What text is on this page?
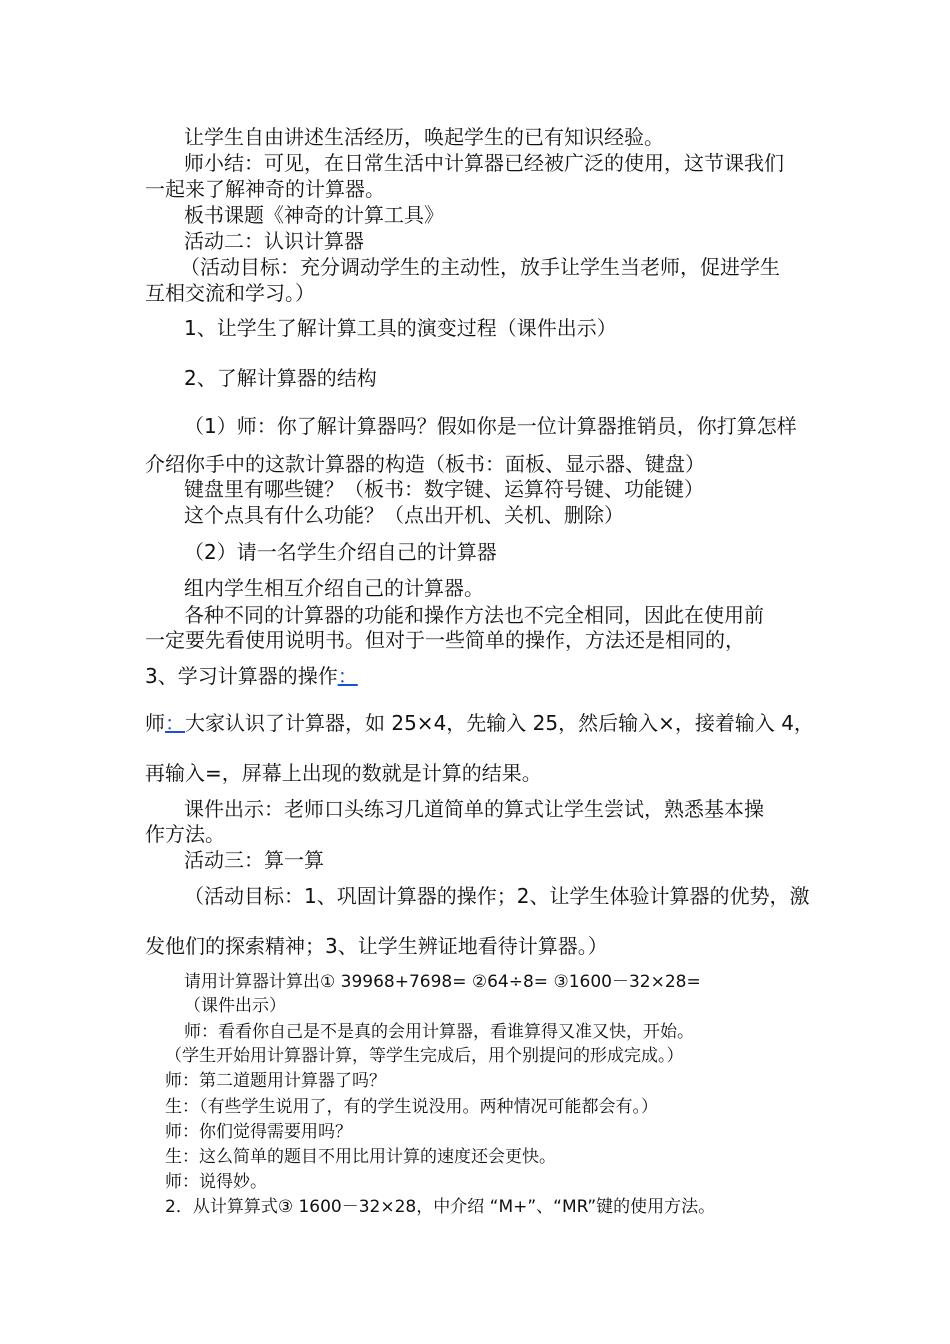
让学生自由讲述生活经历，唤起学生的已有知识经验。
师小结：可见，在日常生活中计算器已经被广泛的使用，这节课我们
一起来了解神奇的计算器。
板书课题《神奇的计算工具》
活动二：认识计算器
（活动目标：充分调动学生的主动性，放手让学生当老师，促进学生
互相交流和学习。）
1、让学生了解计算工具的演变过程（课件出示）
2、了解计算器的结构
（1）师：你了解计算器吗？假如你是一位计算器推销员，你打算怎样
介绍你手中的这款计算器的构造（板书：面板、显示器、键盘）
键盘里有哪些键？（板书：数字键、运算符号键、功能键）
这个点具有什么功能？（点出开机、关机、删除）
（2）请一名学生介绍自己的计算器
组内学生相互介绍自己的计算器。
各种不同的计算器的功能和操作方法也不完全相同，因此在使用前
一定要先看使用说明书。但对于一些简单的操作，方法还是相同的，
3、学习计算器的操作：
师：大家认识了计算器，如 25×4，先输入 25，然后输入×，接着输入 4，
再输入=，屏幕上出现的数就是计算的结果。
课件出示：老师口头练习几道简单的算式让学生尝试，熟悉基本操
作方法。
活动三：算一算
（活动目标：1、巩固计算器的操作；2、让学生体验计算器的优势，激
发他们的探索精神；3、让学生辨证地看待计算器。）
请用计算器计算出① 39968+7698= ②64÷8= ③1600－32×28=
（课件出示）
师：看看你自己是不是真的会用计算器，看谁算得又准又快，开始。
（学生开始用计算器计算，等学生完成后，用个别提问的形成完成。）
师：第二道题用计算器了吗？
生：（有些学生说用了，有的学生说没用。两种情况可能都会有。）
师：你们觉得需要用吗？
生：这么简单的题目不用比用计算的速度还会更快。
师：说得妙。
2．从计算算式③ 1600－32×28，中介绍 “M+”、“MR”键的使用方法。
